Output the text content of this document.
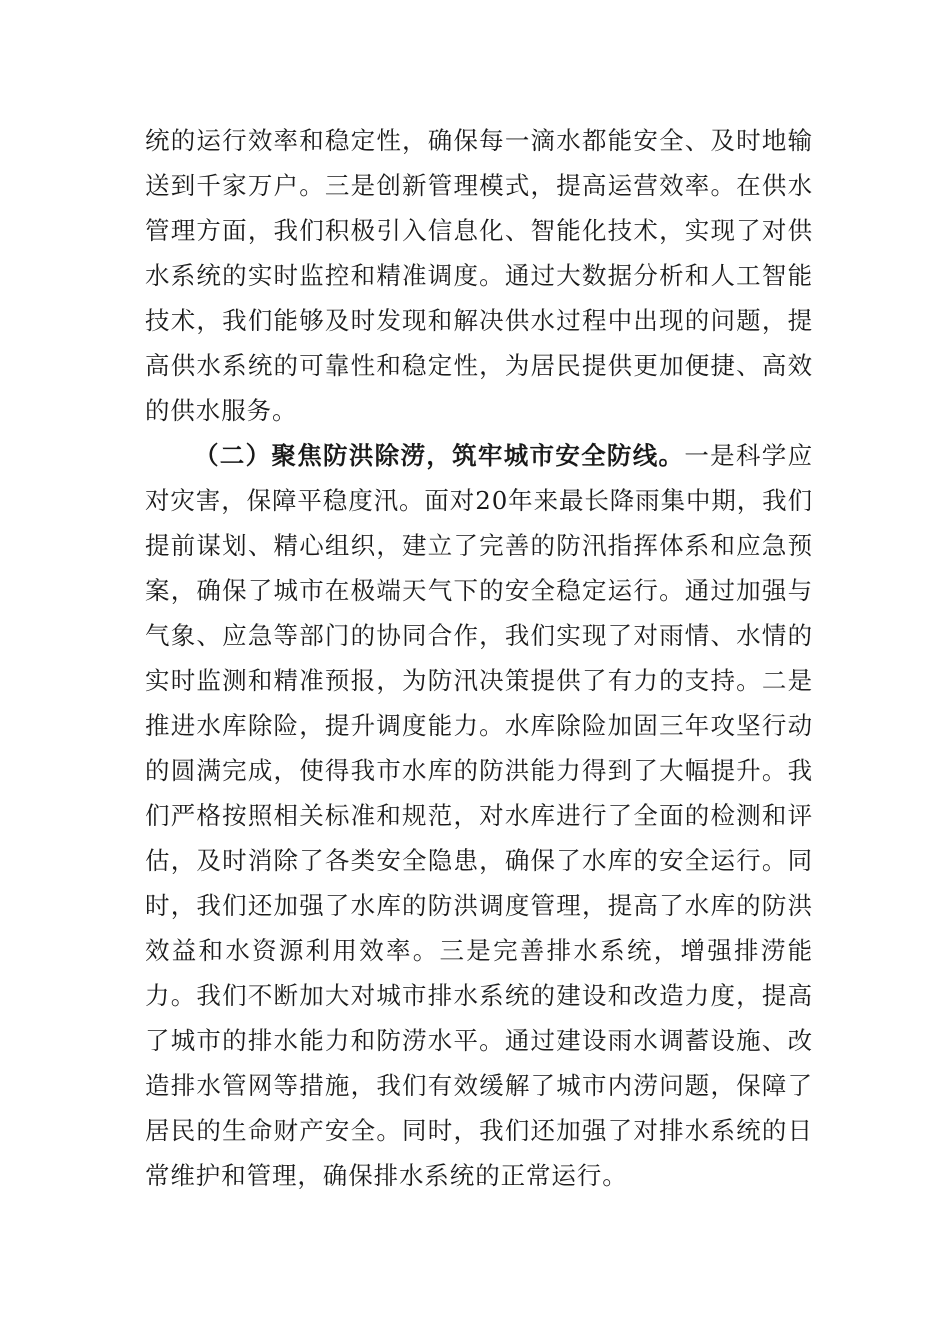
统的运行效率和稳定性，确保每一滴水都能安全、及时地输送到千家万户。三是创新管理模式，提高运营效率。在供水管理方面，我们积极引入信息化、智能化技术，实现了对供水系统的实时监控和精准调度。通过大数据分析和人工智能技术，我们能够及时发现和解决供水过程中出现的问题，提高供水系统的可靠性和稳定性，为居民提供更加便捷、高效的供水服务。

（二）聚焦防洪除涝，筑牢城市安全防线。一是科学应对灾害，保障平稳度汛。面对20年来最长降雨集中期，我们提前谋划、精心组织，建立了完善的防汛指挥体系和应急预案，确保了城市在极端天气下的安全稳定运行。通过加强与气象、应急等部门的协同合作，我们实现了对雨情、水情的实时监测和精准预报，为防汛决策提供了有力的支持。二是推进水库除险，提升调度能力。水库除险加固三年攻坚行动的圆满完成，使得我市水库的防洪能力得到了大幅提升。我们严格按照相关标准和规范，对水库进行了全面的检测和评估，及时消除了各类安全隐患，确保了水库的安全运行。同时，我们还加强了水库的防洪调度管理，提高了水库的防洪效益和水资源利用效率。三是完善排水系统，增强排涝能力。我们不断加大对城市排水系统的建设和改造力度，提高了城市的排水能力和防涝水平。通过建设雨水调蓄设施、改造排水管网等措施，我们有效缓解了城市内涝问题，保障了居民的生命财产安全。同时，我们还加强了对排水系统的日常维护和管理，确保排水系统的正常运行。
